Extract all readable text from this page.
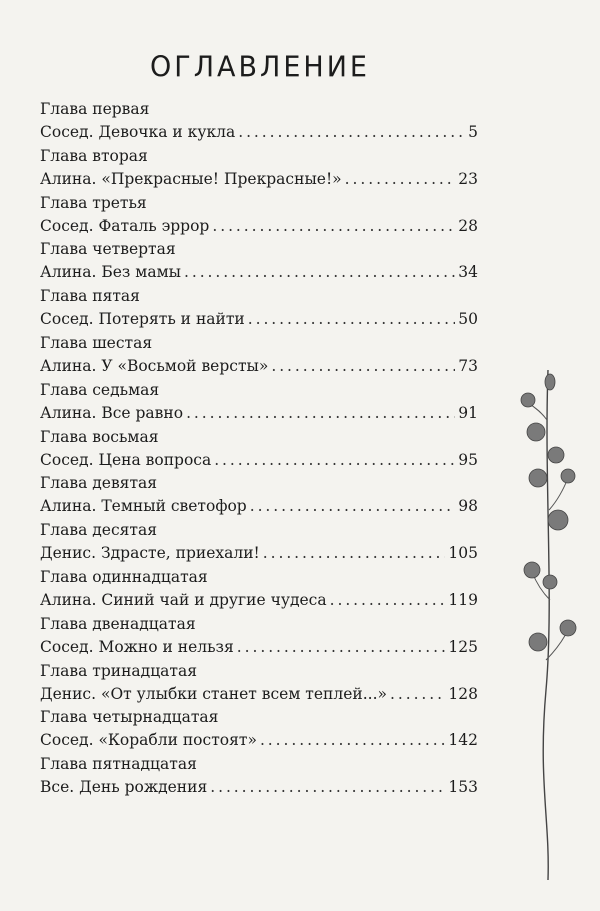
ОГЛАВЛЕНИЕ
Глава первая
Сосед. Девочка и кукла . . .	5
Глава вторая
Алина. «Прекрасные! Прекрасные!» . . .	23
Глава третья
Сосед. Фаталь эррор . . .	28
Глава четвертая
Алина. Без мамы . . .	34
Глава пятая
Сосед. Потерять и найти . . .	50
Глава шестая
Алина. У «Восьмой версты» . . .	73
Глава седьмая
Алина. Все равно . . .	91
Глава восьмая
Сосед. Цена вопроса . . .	95
Глава девятая
Алина. Темный светофор . . .	98
Глава десятая
Денис. Здрасте, приехали! . . .	105
Глава одиннадцатая
Алина. Синий чай и другие чудеса . . .	119
Глава двенадцатая
Сосед. Можно и нельзя . . .	125
Глава тринадцатая
Денис. «От улыбки станет всем теплей...» . . .	128
Глава четырнадцатая
Сосед. «Корабли постоят» . . .	142
Глава пятнадцатая
Все. День рождения . . .	153
